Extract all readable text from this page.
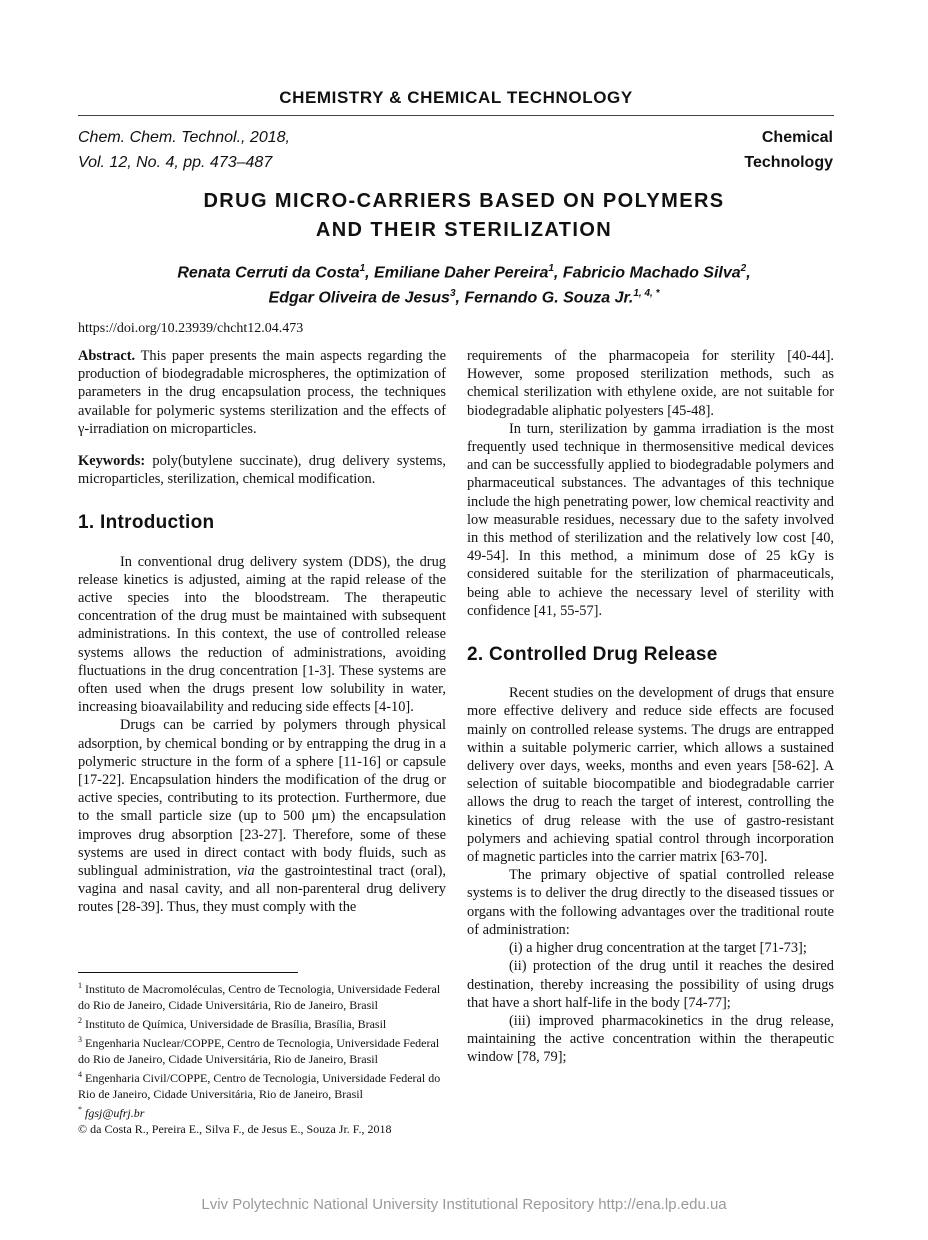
CHEMISTRY & CHEMICAL TECHNOLOGY
Chem. Chem. Technol., 2018,
Vol. 12, No. 4, pp. 473–487
Chemical
Technology
DRUG MICRO-CARRIERS BASED ON POLYMERS
AND THEIR STERILIZATION
Renata Cerruti da Costa$^1$, Emiliane Daher Pereira$^1$, Fabricio Machado Silva$^2$,
Edgar Oliveira de Jesus$^3$, Fernando G. Souza Jr.$^{1, 4, *}$
https://doi.org/10.23939/chcht12.04.473

Abstract. This paper presents the main aspects regarding the production of biodegradable microspheres, the optimization of parameters in the drug encapsulation process, the techniques available for polymeric systems sterilization and the effects of γ-irradiation on microparticles.

Keywords: poly(butylene succinate), drug delivery systems, microparticles, sterilization, chemical modification.

1. Introduction

In conventional drug delivery system (DDS), the drug release kinetics is adjusted, aiming at the rapid release of the active species into the bloodstream. The therapeutic concentration of the drug must be maintained with subsequent administrations. In this context, the use of controlled release systems allows the reduction of administrations, avoiding fluctuations in the drug concentration [1-3]. These systems are often used when the drugs present low solubility in water, increasing bioavailability and reducing side effects [4-10].

Drugs can be carried by polymers through physical adsorption, by chemical bonding or by entrapping the drug in a polymeric structure in the form of a sphere [11-16] or capsule [17-22]. Encapsulation hinders the modification of the drug or active species, contributing to its protection. Furthermore, due to the small particle size (up to 500 μm) the encapsulation improves drug absorption [23-27]. Therefore, some of these systems are used in direct contact with body fluids, such as sublingual administration, via the gastrointestinal tract (oral), vagina and nasal cavity, and all non-parenteral drug delivery routes [28-39]. Thus, they must comply with the

$^1$ Instituto de Macromoléculas, Centro de Tecnologia, Universidade Federal do Rio de Janeiro, Cidade Universitária, Rio de Janeiro, Brasil

$^2$ Instituto de Química, Universidade de Brasília, Brasília, Brasil

$^3$ Engenharia Nuclear/COPPE, Centro de Tecnologia, Universidade Federal do Rio de Janeiro, Cidade Universitária, Rio de Janeiro, Brasil

$^4$ Engenharia Civil/COPPE, Centro de Tecnologia, Universidade Federal do Rio de Janeiro, Cidade Universitária, Rio de Janeiro, Brasil

* fgsj@ufrj.br

© da Costa R., Pereira E., Silva F., de Jesus E., Souza Jr. F., 2018

requirements of the pharmacopeia for sterility [40-44]. However, some proposed sterilization methods, such as chemical sterilization with ethylene oxide, are not suitable for biodegradable aliphatic polyesters [45-48].

In turn, sterilization by gamma irradiation is the most frequently used technique in thermosensitive medical devices and can be successfully applied to biodegradable polymers and pharmaceutical substances. The advantages of this technique include the high penetrating power, low chemical reactivity and low measurable residues, necessary due to the safety involved in this method of sterilization and the relatively low cost [40, 49-54]. In this method, a minimum dose of 25 kGy is considered suitable for the sterilization of pharmaceuticals, being able to achieve the necessary level of sterility with confidence [41, 55-57].

2. Controlled Drug Release

Recent studies on the development of drugs that ensure more effective delivery and reduce side effects are focused mainly on controlled release systems. The drugs are entrapped within a suitable polymeric carrier, which allows a sustained delivery over days, weeks, months and even years [58-62]. A selection of suitable biocompatible and biodegradable carrier allows the drug to reach the target of interest, controlling the kinetics of drug release with the use of gastro-resistant polymers and achieving spatial control through incorporation of magnetic particles into the carrier matrix [63-70].

The primary objective of spatial controlled release systems is to deliver the drug directly to the diseased tissues or organs with the following advantages over the traditional route of administration:

(i) a higher drug concentration at the target [71-73];

(ii) protection of the drug until it reaches the desired destination, thereby increasing the possibility of using drugs that have a short half-life in the body [74-77];

(iii) improved pharmacokinetics in the drug release, maintaining the active concentration within the therapeutic window [78, 79];

Lviv Polytechnic National University Institutional Repository http://ena.lp.edu.ua
